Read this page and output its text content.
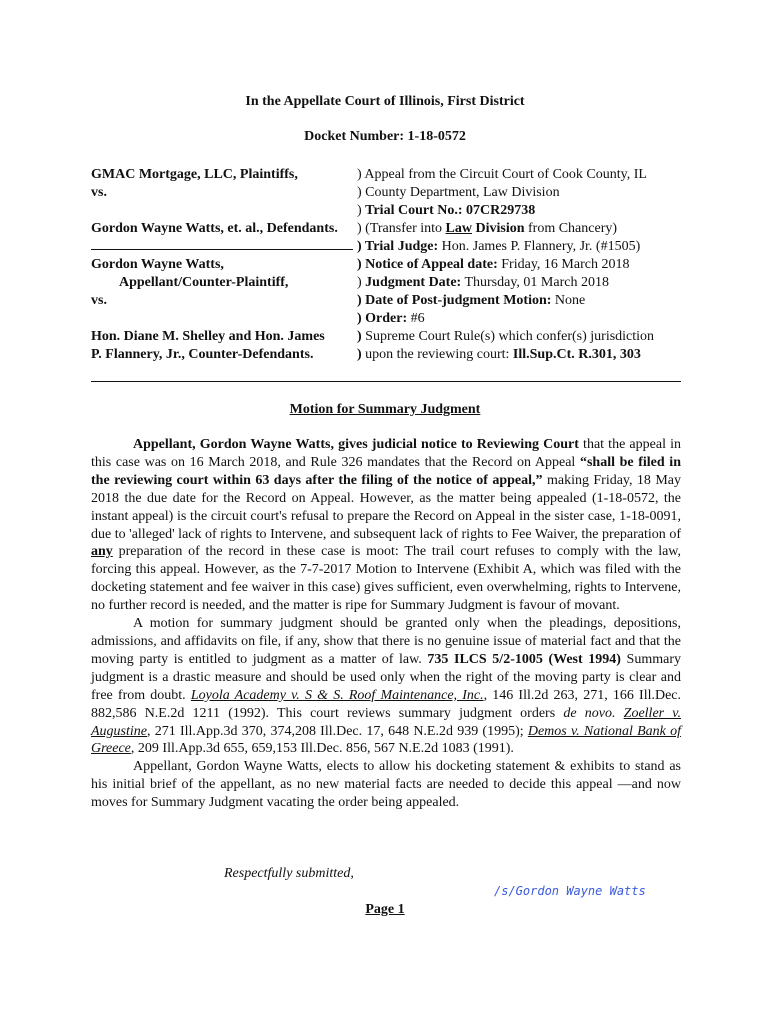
In the Appellate Court of Illinois, First District
Docket Number: 1-18-0572
GMAC Mortgage, LLC, Plaintiffs,	) Appeal from the Circuit Court of Cook County, IL
vs.	) County Department, Law Division
) Trial Court No.: 07CR29738
Gordon Wayne Watts, et. al., Defendants. ) (Transfer into Law Division from Chancery)
) Trial Judge: Hon. James P. Flannery, Jr. (#1505)
Gordon Wayne Watts,	) Notice of Appeal date: Friday, 16 March 2018
Appellant/Counter-Plaintiff,	) Judgment Date: Thursday, 01 March 2018
vs.	) Date of Post-judgment Motion: None
) Order: #6
Hon. Diane M. Shelley and Hon. James ) Supreme Court Rule(s) which confer(s) jurisdiction
P. Flannery, Jr., Counter-Defendants.	) upon the reviewing court: Ill.Sup.Ct. R.301, 303
Motion for Summary Judgment

Appellant, Gordon Wayne Watts, gives judicial notice to Reviewing Court that the appeal in this case was on 16 March 2018, and Rule 326 mandates that the Record on Appeal “shall be filed in the reviewing court within 63 days after the filing of the notice of appeal,” making Friday, 18 May 2018 the due date for the Record on Appeal. However, as the matter being appealed (1-18-0572, the instant appeal) is the circuit court's refusal to prepare the Record on Appeal in the sister case, 1-18-0091, due to 'alleged' lack of rights to Intervene, and subsequent lack of rights to Fee Waiver, the preparation of any preparation of the record in these case is moot: The trail court refuses to comply with the law, forcing this appeal. However, as the 7-7-2017 Motion to Intervene (Exhibit A, which was filed with the docketing statement and fee waiver in this case) gives sufficient, even overwhelming, rights to Intervene, no further record is needed, and the matter is ripe for Summary Judgment is favour of movant.

A motion for summary judgment should be granted only when the pleadings, depositions, admissions, and affidavits on file, if any, show that there is no genuine issue of material fact and that the moving party is entitled to judgment as a matter of law. 735 ILCS 5/2-1005 (West 1994) Summary judgment is a drastic measure and should be used only when the right of the moving party is clear and free from doubt. Loyola Academy v. S & S. Roof Maintenance, Inc., 146 Ill.2d 263, 271, 166 Ill.Dec. 882,586 N.E.2d 1211 (1992). This court reviews summary judgment orders de novo. Zoeller v. Augustine, 271 Ill.App.3d 370, 374,208 Ill.Dec. 17, 648 N.E.2d 939 (1995); Demos v. National Bank of Greece, 209 Ill.App.3d 655, 659,153 Ill.Dec. 856, 567 N.E.2d 1083 (1991).

Appellant, Gordon Wayne Watts, elects to allow his docketing statement & exhibits to stand as his initial brief of the appellant, as no new material facts are needed to decide this appeal —and now moves for Summary Judgment vacating the order being appealed.

Respectfully submitted,
/s/Gordon Wayne Watts
Page 1
